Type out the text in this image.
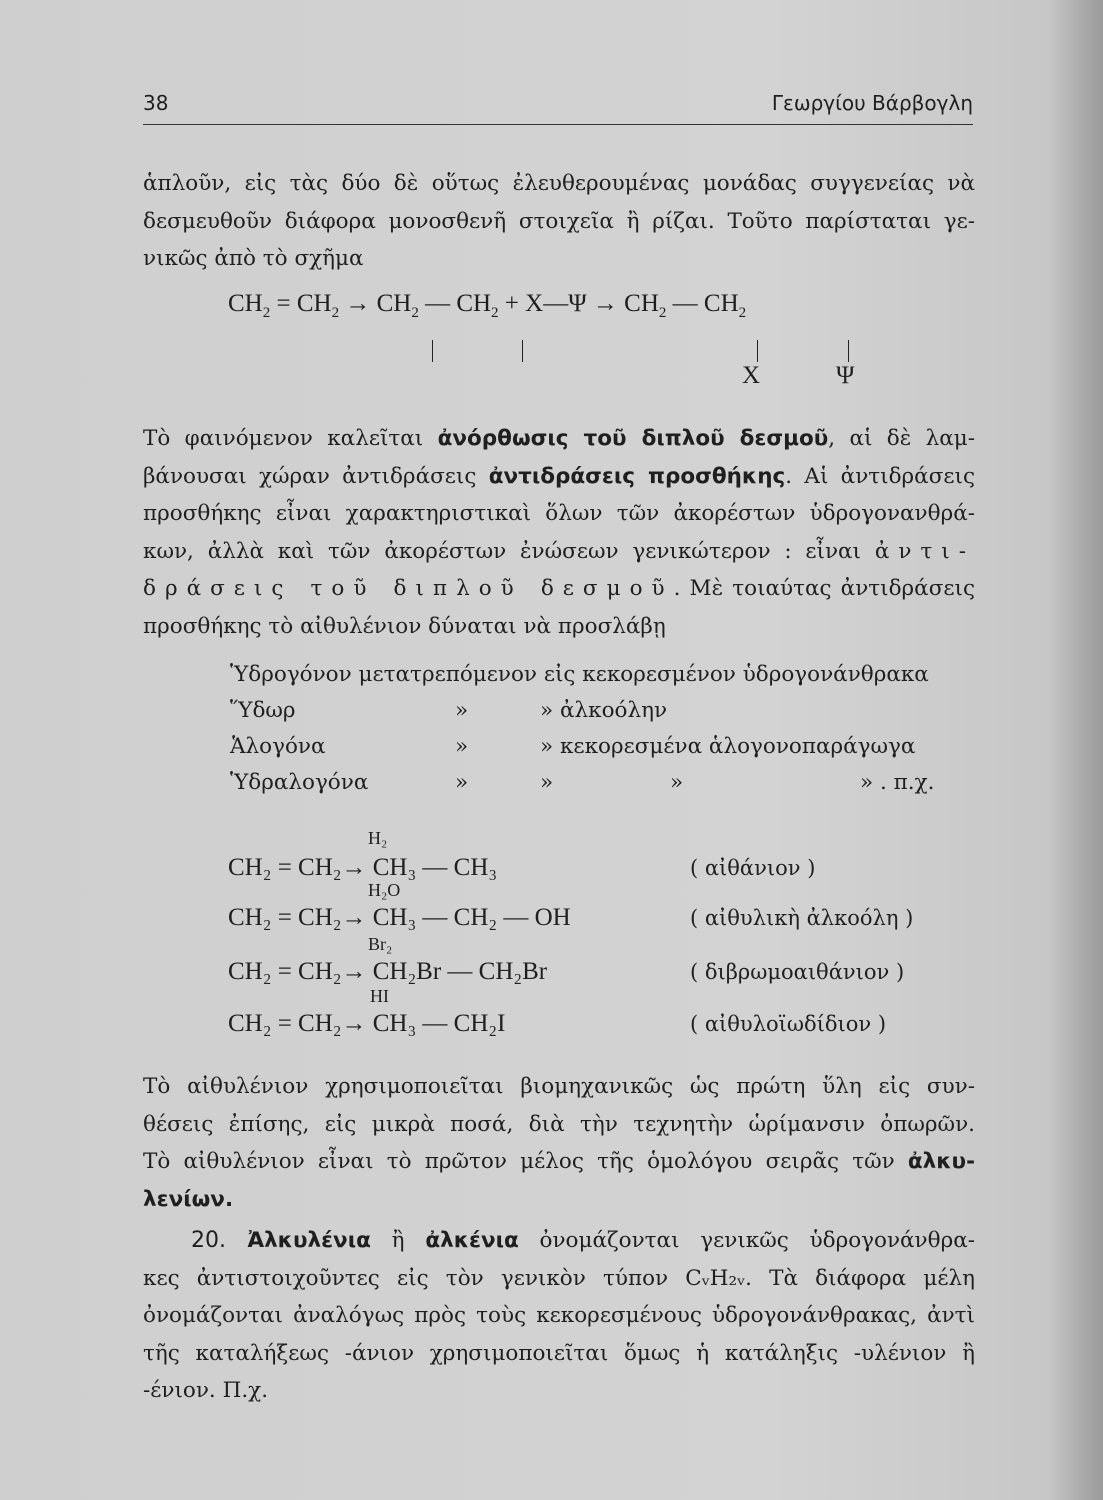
38	Γεωργίου Βάρβογλη
ἁπλοῦν, εἰς τὰς δύο δὲ οὕτως ἐλευθερουμένας μονάδας συγγενείας νὰ
δεσμευθοῦν διάφορα μονοσθενῆ στοιχεῖα ἢ ρίζαι. Τοῦτο παρίσταται γε-
νικῶς ἀπὸ τὸ σχῆμα
$CH_2 = CH_2 \to CH_2$ — $CH_2$ + X—Ψ → $CH_2$ — $CH_2$
X	Ψ
Τὸ φαινόμενον καλεῖται ἀνόρθωσις τοῦ διπλοῦ δεσμοῦ, αἱ δὲ λαμ-
βάνουσαι χώραν ἀντιδράσεις ἀντιδράσεις προσθήκης. Αἱ ἀντιδράσεις
προσθήκης εἶναι χαρακτηριστικαὶ ὅλων τῶν ἀκορέστων ὑδρογονανθρά-
κων, ἀλλὰ καὶ τῶν ἀκορέστων ἐνώσεων γενικώτερον : εἶναι ἀντι-
δράσεις τοῦ διπλοῦ δεσμοῦ. Μὲ τοιαύτας ἀντιδράσεις
προσθήκης τὸ αἰθυλένιον δύναται νὰ προσλάβῃ
Ὑδρογόνον μετατρεπόμενον εἰς κεκορεσμένον ὑδρογονάνθρακα
Ὕδωρ	»	» ἀλκοόλην
Ἁλογόνα	»	» κεκορεσμένα ἁλογονοπαράγωγα
Ὑδραλογόνα	»	»	»	» . π.χ.
H₂
CH₂ = CH₂→ CH₃ — CH₃	( αἰθάνιον )
H₂O
CH₂ = CH₂→ CH₃ — CH₂ — OH	( αἰθυλικὴ ἀλκοόλη )
Br₂
CH₂ = CH₂→ CH₂Br — CH₂Br	( διβρωμοαιθάνιον )
HI
CH₂ = CH₂→ CH₃ — CH₂I	( αἰθυλοϊωδίδιον )
Τὸ αἰθυλένιον χρησιμοποιεῖται βιομηχανικῶς ὡς πρώτη ὕλη εἰς συν-
θέσεις ἐπίσης, εἰς μικρὰ ποσά, διὰ τὴν τεχνητὴν ὡρίμανσιν ὀπωρῶν.
Τὸ αἰθυλένιον εἶναι τὸ πρῶτον μέλος τῆς ὁμολόγου σειρᾶς τῶν ἀλκυ-
λενίων.
20. Ἀλκυλένια ἢ ἀλκένια ὀνομάζονται γενικῶς ὑδρογονάνθρα-
κες ἀντιστοιχοῦντες εἰς τὸν γενικὸν τύπον CᵥH₂ᵥ. Τὰ διάφορα μέλη
ὀνομάζονται ἀναλόγως πρὸς τοὺς κεκορεσμένους ὑδρογονάνθρακας, ἀντὶ
τῆς καταλήξεως -άνιον χρησιμοποιεῖται ὅμως ἡ κατάληξις -υλένιον ἢ
-ένιον. Π.χ.
